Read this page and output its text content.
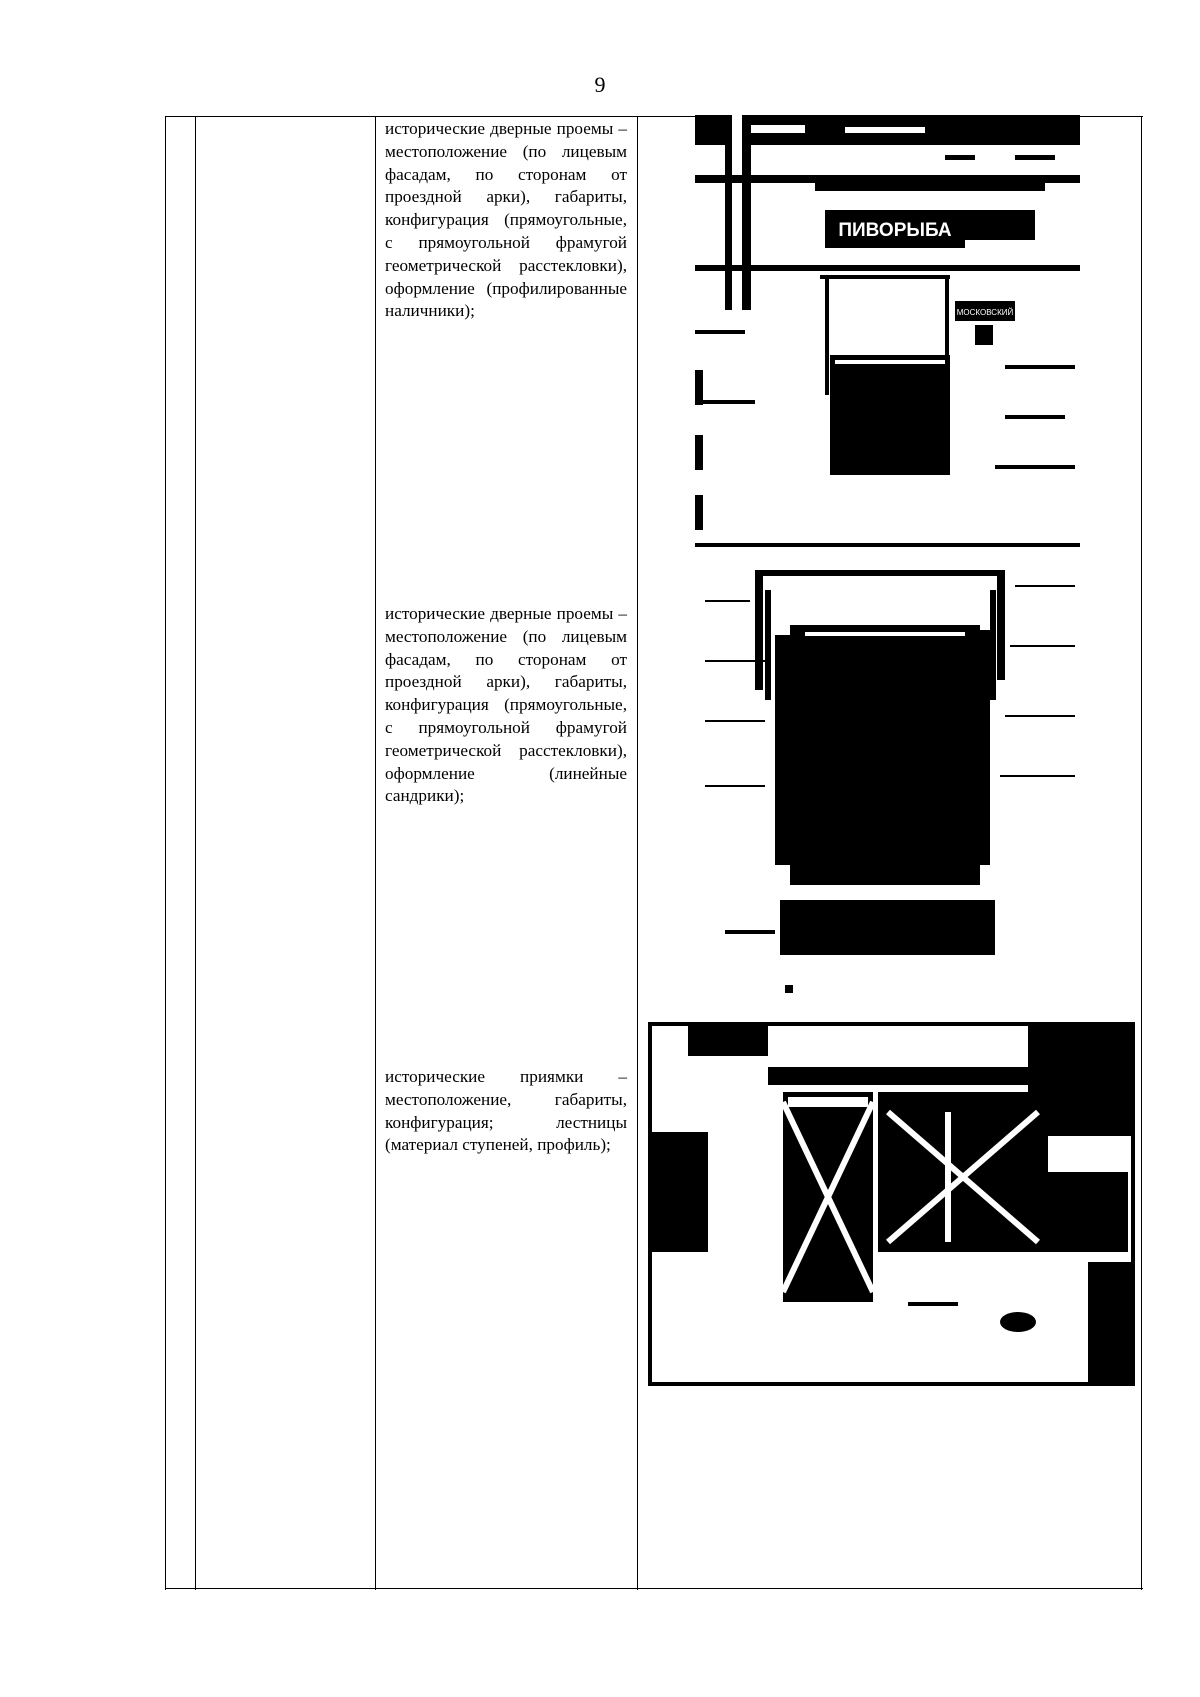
9
исторические дверные проемы – местоположение (по лицевым фасадам, по сторонам от проездной арки), габариты, конфигурация (прямоугольные, с прямоугольной фрамугой геометрической расстекловки), оформление (профилированные наличники);
исторические дверные проемы – местоположение (по лицевым фасадам, по сторонам от проездной арки), габариты, конфигурация (прямоугольные, с прямоугольной фрамугой геометрической расстекловки), оформление (линейные сандрики);
исторические приямки – местоположение, габариты, конфигурация; лестницы (материал ступеней, профиль);
ПИВОРЫБА
МОСКОВСКИЙ
